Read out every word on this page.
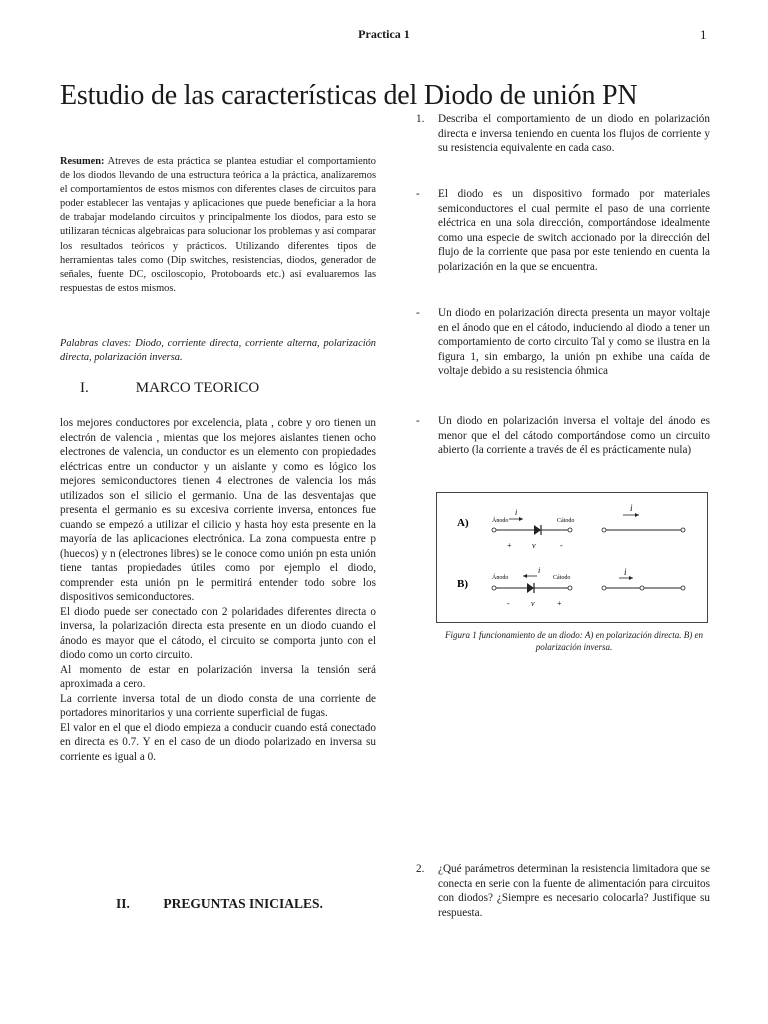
Practica 1	1
Estudio de las características del Diodo de unión PN
Resumen: Atreves de esta práctica se plantea estudiar el comportamiento de los diodos llevando de una estructura teórica a la práctica, analizaremos el comportamientos de estos mismos con diferentes clases de circuitos para poder establecer las ventajas y aplicaciones que puede beneficiar a la hora de trabajar modelando circuitos y principalmente los diodos, para esto se utilizaran técnicas algebraicas para solucionar los problemas y así comparar los resultados teóricos y prácticos. Utilizando diferentes tipos de herramientas tales como (Dip switches, resistencias, diodos, generador de señales, fuente DC, osciloscopio, Protoboards etc.) así evaluaremos las respuestas de estos mismos.
Palabras claves: Diodo, corriente directa, corriente alterna, polarización directa, polarización inversa.
I.	MARCO TEORICO

los mejores conductores por excelencia, plata , cobre y oro tienen un electrón de valencia , mientas que los mejores aislantes tienen ocho electrones de valencia, un conductor es un elemento con propiedades eléctricas entre un conductor y un aislante y como es lógico los mejores semiconductores tienen 4 electrones de valencia los más utilizados son el silicio el germanio. Una de las desventajas que presenta el germanio es su excesiva corriente inversa, entonces fue cuando se empezó a utilizar el cilicio y hasta hoy esta presente en la mayoría de las aplicaciones electrónica. La zona compuesta entre p (huecos) y n (electrones libres) se le conoce como unión pn esta unión tiene tantas propiedades útiles como por ejemplo el diodo, comprender esta unión pn le permitirá entender todo sobre los dispositivos semiconductores.

El diodo puede ser conectado con 2 polaridades diferentes directa o inversa, la polarización directa esta presente en un diodo cuando el ánodo es mayor que el cátodo, el circuito se comporta junto con el diodo como un corto circuito.

Al momento de estar en polarización inversa la tensión será aproximada a cero.

La corriente inversa total de un diodo consta de una corriente de portadores minoritarios y una corriente superficial de fugas.

El valor en el que el diodo empieza a conducir cuando está conectado en directa es 0.7. Y en el caso de un diodo polarizado en inversa su corriente es igual a 0.

II. PREGUNTAS INICIALES.
1.	Describa el comportamiento de un diodo en polarización directa e inversa teniendo en cuenta los flujos de corriente y su resistencia equivalente en cada caso.
-	El diodo es un dispositivo formado por materiales semiconductores el cual permite el paso de una corriente eléctrica en una sola dirección, comportándose idealmente como una especie de switch accionado por la dirección del flujo de la corriente que pasa por este teniendo en cuenta la polarización en la que se encuentra.
-	Un diodo en polarización directa presenta un mayor voltaje en el ánodo que en el cátodo, induciendo al diodo a tener un comportamiento de corto circuito Tal y como se ilustra en la figura 1, sin embargo, la unión pn exhibe una caída de voltaje debido a su resistencia óhmica
-	Un diodo en polarización inversa el voltaje del ánodo es menor que el del cátodo comportándose como un circuito abierto (la corriente a través de él es prácticamente nula)
A)	Ánodo	Cátodo
i
+	v	-
i
B)	Ánodo	Cátodo
i
-	v	+
i
Figura 1 funcionamiento de un diodo: A) en polarización directa. B) en polarización inversa.
2.	¿Qué parámetros determinan la resistencia limitadora que se conecta en serie con la fuente de alimentación para circuitos con diodos? ¿Siempre es necesario colocarla? Justifique su respuesta.
